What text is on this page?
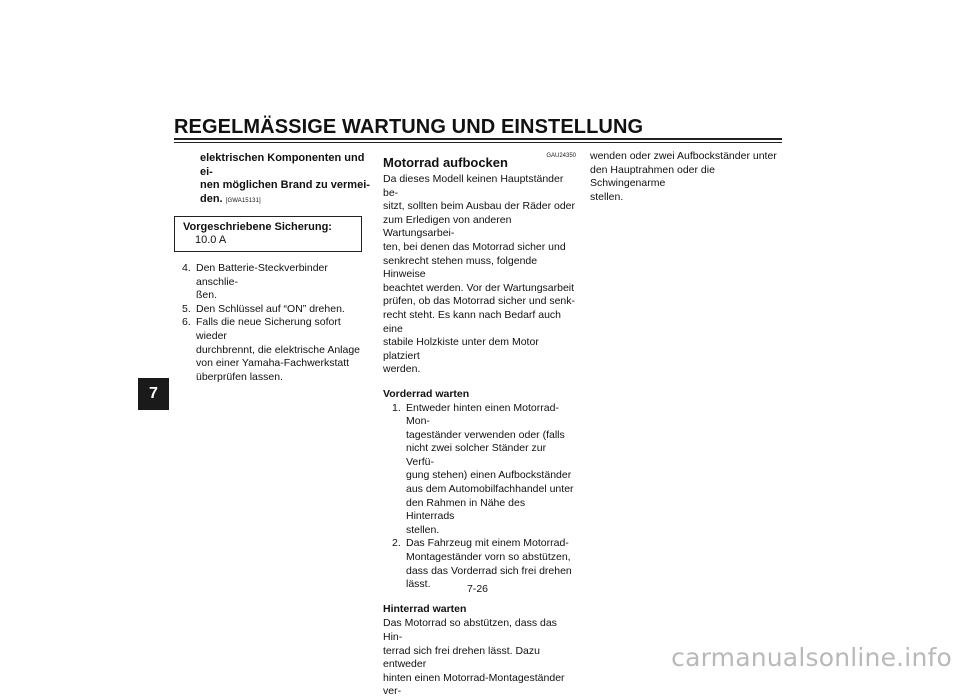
REGELMÄSSIGE WARTUNG UND EINSTELLUNG
7
elektrischen Komponenten und ei-
nen möglichen Brand zu vermei-
den. [GWA15131]
Vorgeschriebene Sicherung:
10.0 A
4. Den Batterie-Steckverbinder anschlie-
ßen.
5. Den Schlüssel auf “ON” drehen.
6. Falls die neue Sicherung sofort wieder
durchbrennt, die elektrische Anlage
von einer Yamaha-Fachwerkstatt
überprüfen lassen.
GAU24350
Motorrad aufbocken
Da dieses Modell keinen Hauptständer be-
sitzt, sollten beim Ausbau der Räder oder
zum Erledigen von anderen Wartungsarbei-
ten, bei denen das Motorrad sicher und
senkrecht stehen muss, folgende Hinweise
beachtet werden. Vor der Wartungsarbeit
prüfen, ob das Motorrad sicher und senk-
recht steht. Es kann nach Bedarf auch eine
stabile Holzkiste unter dem Motor platziert
werden.
Vorderrad warten
1. Entweder hinten einen Motorrad-Mon-
tageständer verwenden oder (falls
nicht zwei solcher Ständer zur Verfü-
gung stehen) einen Aufbockständer
aus dem Automobilfachhandel unter
den Rahmen in Nähe des Hinterrads
stellen.
2. Das Fahrzeug mit einem Motorrad-
Montageständer vorn so abstützen,
dass das Vorderrad sich frei drehen
lässt.
Hinterrad warten
Das Motorrad so abstützen, dass das Hin-
terrad sich frei drehen lässt. Dazu entweder
hinten einen Motorrad-Montageständer ver-
wenden oder zwei Aufbockständer unter
den Hauptrahmen oder die Schwingenarme
stellen.
7-26
carmanualsonline.info
